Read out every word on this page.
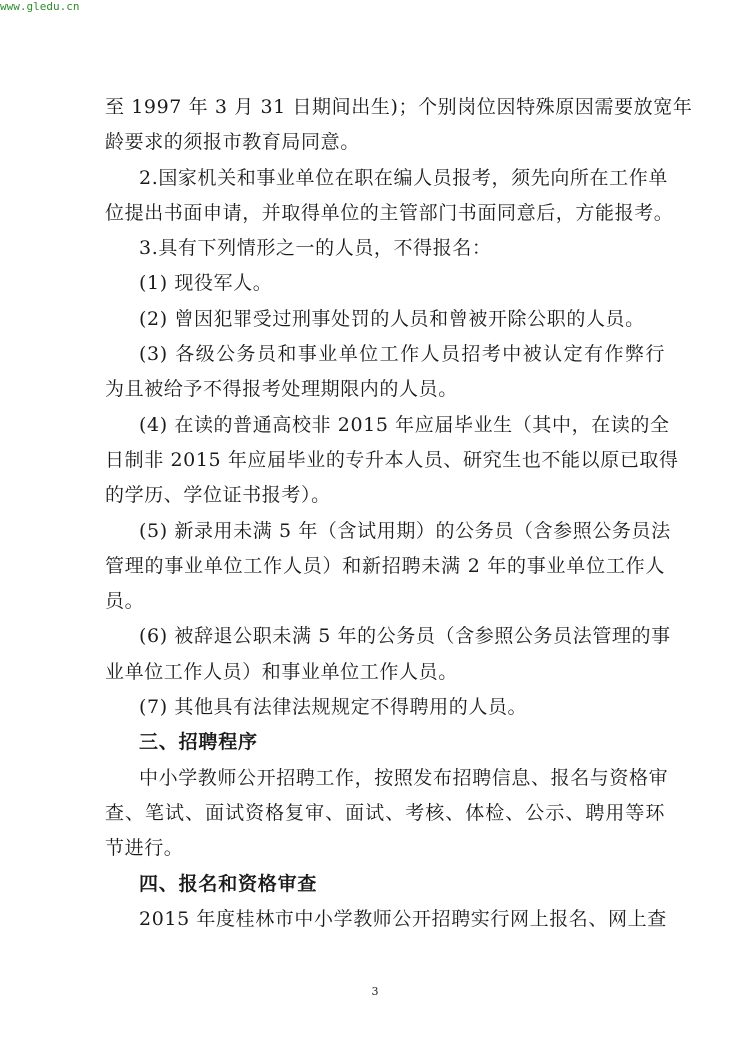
www.gledu.cn
至 1997 年 3 月 31 日期间出生)；个别岗位因特殊原因需要放宽年
龄要求的须报市教育局同意。
2.国家机关和事业单位在职在编人员报考，须先向所在工作单
位提出书面申请，并取得单位的主管部门书面同意后，方能报考。
3.具有下列情形之一的人员，不得报名：
(1) 现役军人。
(2) 曾因犯罪受过刑事处罚的人员和曾被开除公职的人员。
(3) 各级公务员和事业单位工作人员招考中被认定有作弊行
为且被给予不得报考处理期限内的人员。
(4) 在读的普通高校非 2015 年应届毕业生（其中，在读的全
日制非 2015 年应届毕业的专升本人员、研究生也不能以原已取得
的学历、学位证书报考）。
(5) 新录用未满 5 年（含试用期）的公务员（含参照公务员法
管理的事业单位工作人员）和新招聘未满 2 年的事业单位工作人
员。
(6) 被辞退公职未满 5 年的公务员（含参照公务员法管理的事
业单位工作人员）和事业单位工作人员。
(7) 其他具有法律法规规定不得聘用的人员。
三、招聘程序
中小学教师公开招聘工作，按照发布招聘信息、报名与资格审
查、笔试、面试资格复审、面试、考核、体检、公示、聘用等环
节进行。
四、报名和资格审查
2015 年度桂林市中小学教师公开招聘实行网上报名、网上查
3
